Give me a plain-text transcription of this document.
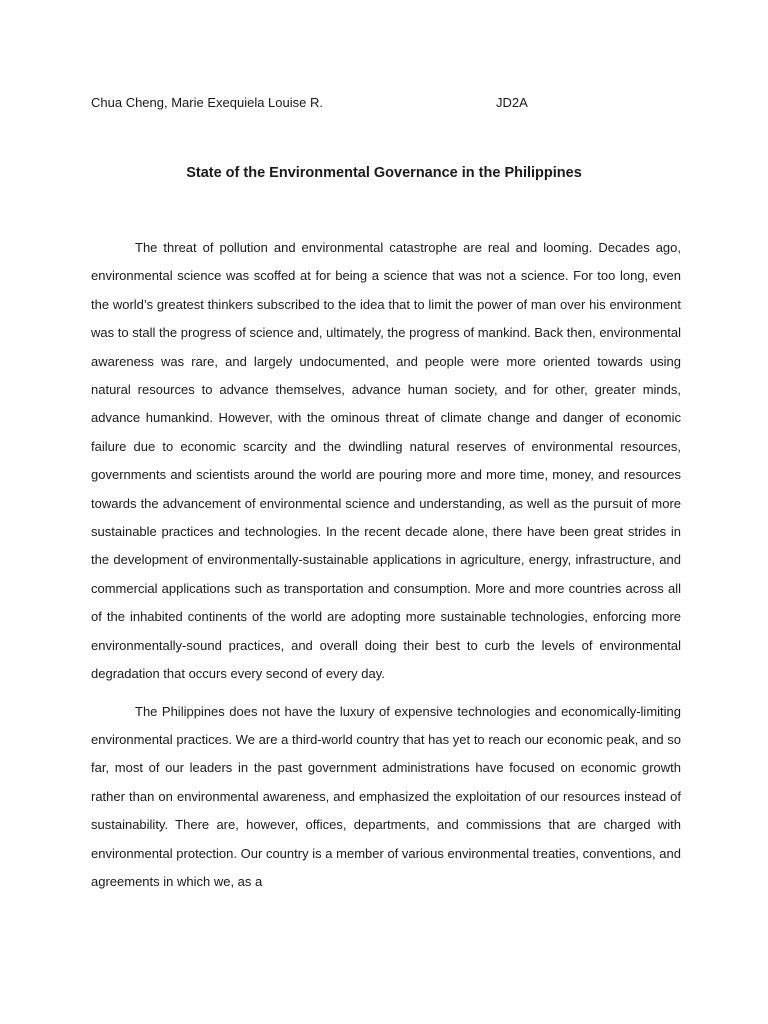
Chua Cheng, Marie Exequiela Louise R.	JD2A
State of the Environmental Governance in the Philippines

The threat of pollution and environmental catastrophe are real and looming. Decades ago, environmental science was scoffed at for being a science that was not a science. For too long, even the world’s greatest thinkers subscribed to the idea that to limit the power of man over his environment was to stall the progress of science and, ultimately, the progress of mankind. Back then, environmental awareness was rare, and largely undocumented, and people were more oriented towards using natural resources to advance themselves, advance human society, and for other, greater minds, advance humankind. However, with the ominous threat of climate change and danger of economic failure due to economic scarcity and the dwindling natural reserves of environmental resources, governments and scientists around the world are pouring more and more time, money, and resources towards the advancement of environmental science and understanding, as well as the pursuit of more sustainable practices and technologies. In the recent decade alone, there have been great strides in the development of environmentally-sustainable applications in agriculture, energy, infrastructure, and commercial applications such as transportation and consumption. More and more countries across all of the inhabited continents of the world are adopting more sustainable technologies, enforcing more environmentally-sound practices, and overall doing their best to curb the levels of environmental degradation that occurs every second of every day.

The Philippines does not have the luxury of expensive technologies and economically-limiting environmental practices. We are a third-world country that has yet to reach our economic peak, and so far, most of our leaders in the past government administrations have focused on economic growth rather than on environmental awareness, and emphasized the exploitation of our resources instead of sustainability. There are, however, offices, departments, and commissions that are charged with environmental protection. Our country is a member of various environmental treaties, conventions, and agreements in which we, as a
